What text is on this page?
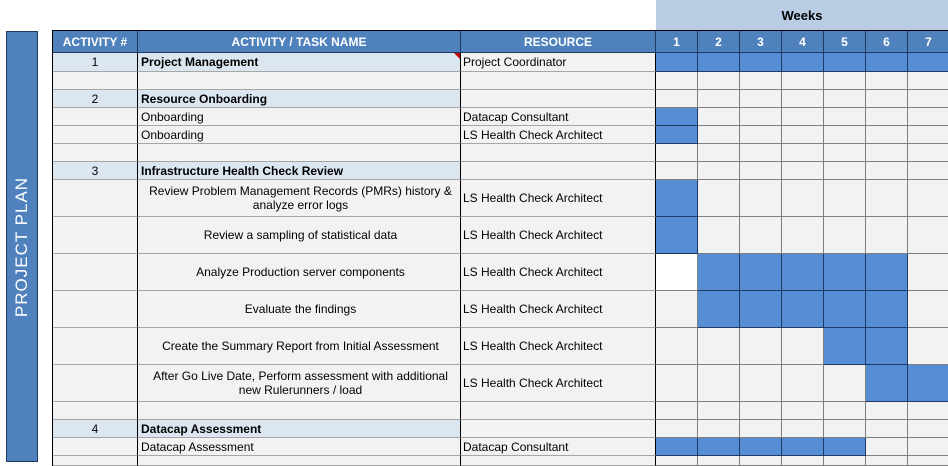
Weeks
PROJECT PLAN
ACTIVITY #	ACTIVITY / TASK NAME	RESOURCE	1	2	3	4	5	6	7
1	Project Management	Project Coordinator
2	Resource Onboarding
Onboarding	Datacap Consultant
Onboarding	LS Health Check Architect
3	Infrastructure Health Check Review
Review Problem Management Records (PMRs) history & analyze error logs	LS Health Check Architect
Review a sampling of statistical data	LS Health Check Architect
Analyze Production server components	LS Health Check Architect
Evaluate the findings	LS Health Check Architect
Create the Summary Report from Initial Assessment	LS Health Check Architect
After Go Live Date, Perform assessment with additional new Rulerunners / load	LS Health Check Architect
4	Datacap Assessment
Datacap Assessment	Datacap Consultant
